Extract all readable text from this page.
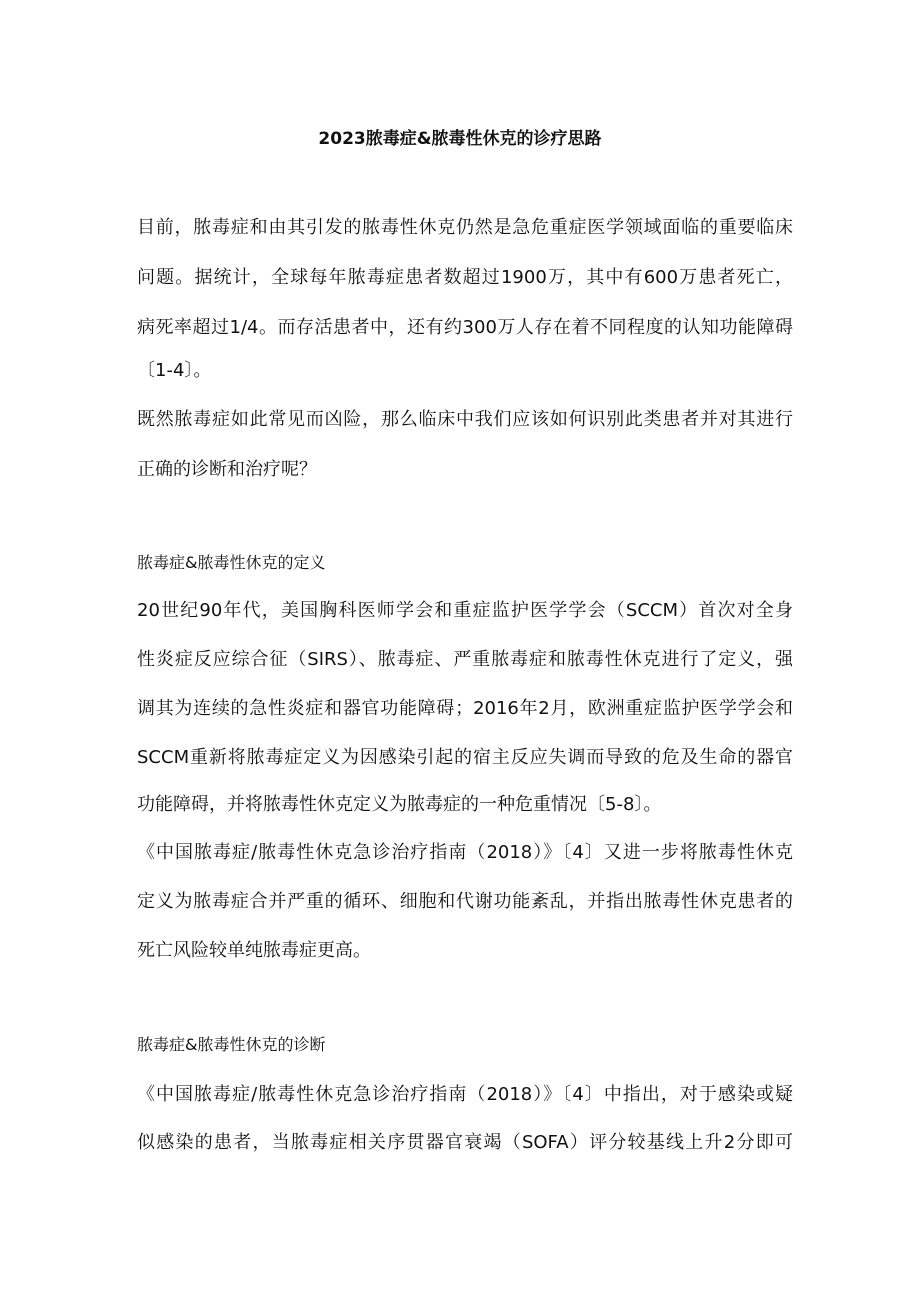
2023脓毒症&脓毒性休克的诊疗思路

目前，脓毒症和由其引发的脓毒性休克仍然是急危重症医学领域面临的重要临床

问题。据统计，全球每年脓毒症患者数超过1900万，其中有600万患者死亡，

病死率超过1/4。而存活患者中，还有约300万人存在着不同程度的认知功能障碍

〔1-4〕。

既然脓毒症如此常见而凶险，那么临床中我们应该如何识别此类患者并对其进行

正确的诊断和治疗呢？

脓毒症&脓毒性休克的定义

20世纪90年代，美国胸科医师学会和重症监护医学学会（SCCM）首次对全身

性炎症反应综合征（SIRS）、脓毒症、严重脓毒症和脓毒性休克进行了定义，强

调其为连续的急性炎症和器官功能障碍；2016年2月，欧洲重症监护医学学会和

SCCM重新将脓毒症定义为因感染引起的宿主反应失调而导致的危及生命的器官

功能障碍，并将脓毒性休克定义为脓毒症的一种危重情况〔5-8〕。

《中国脓毒症/脓毒性休克急诊治疗指南（2018）》〔4〕又进一步将脓毒性休克

定义为脓毒症合并严重的循环、细胞和代谢功能紊乱，并指出脓毒性休克患者的

死亡风险较单纯脓毒症更高。

脓毒症&脓毒性休克的诊断

《中国脓毒症/脓毒性休克急诊治疗指南（2018）》〔4〕中指出，对于感染或疑

似感染的患者，当脓毒症相关序贯器官衰竭（SOFA）评分较基线上升2分即可
